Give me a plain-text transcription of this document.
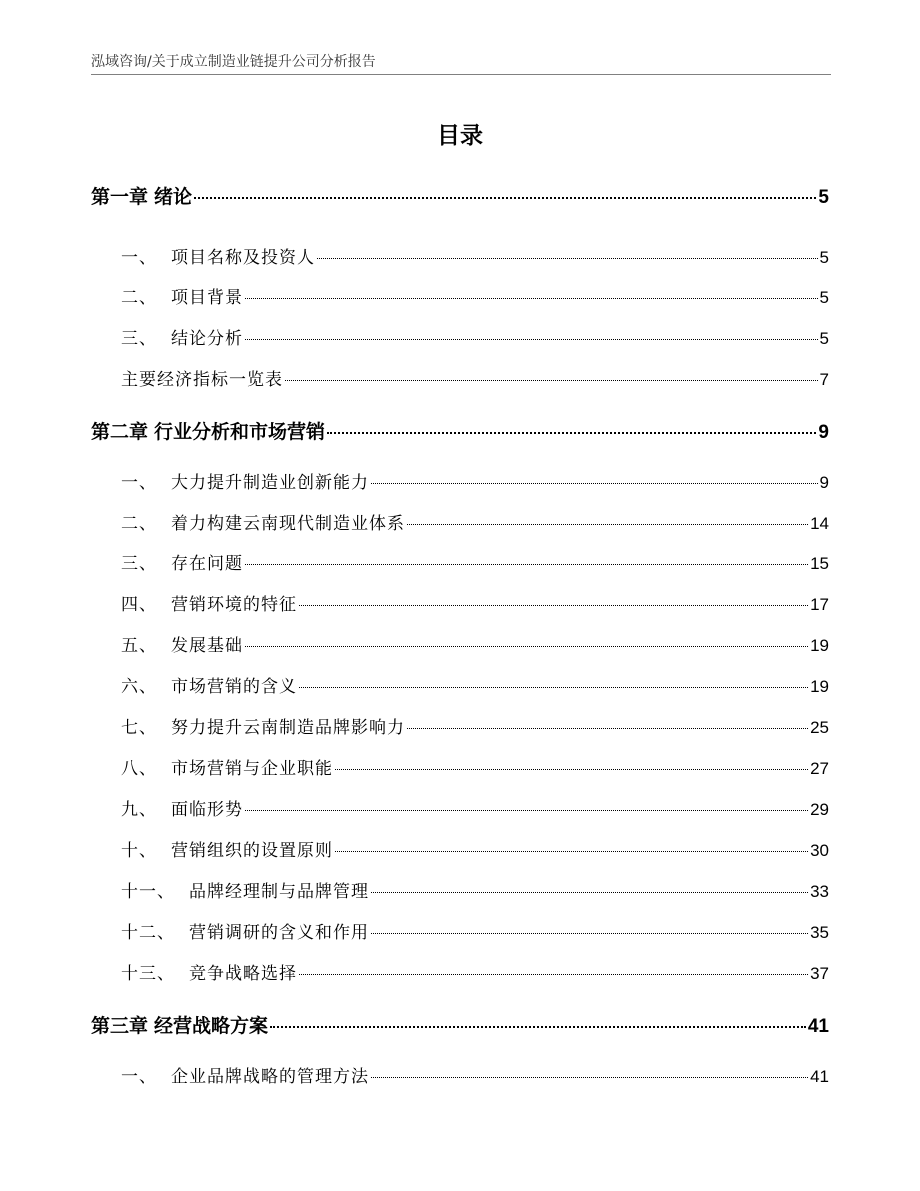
泓域咨询/关于成立制造业链提升公司分析报告
目录
第一章 绪论	5
一、 项目名称及投资人	5
二、 项目背景	5
三、 结论分析	5
主要经济指标一览表	7
第二章 行业分析和市场营销	9
一、 大力提升制造业创新能力	9
二、 着力构建云南现代制造业体系	14
三、 存在问题	15
四、 营销环境的特征	17
五、 发展基础	19
六、 市场营销的含义	19
七、 努力提升云南制造品牌影响力	25
八、 市场营销与企业职能	27
九、 面临形势	29
十、 营销组织的设置原则	30
十一、 品牌经理制与品牌管理	33
十二、 营销调研的含义和作用	35
十三、 竞争战略选择	37
第三章 经营战略方案	41
一、 企业品牌战略的管理方法	41
